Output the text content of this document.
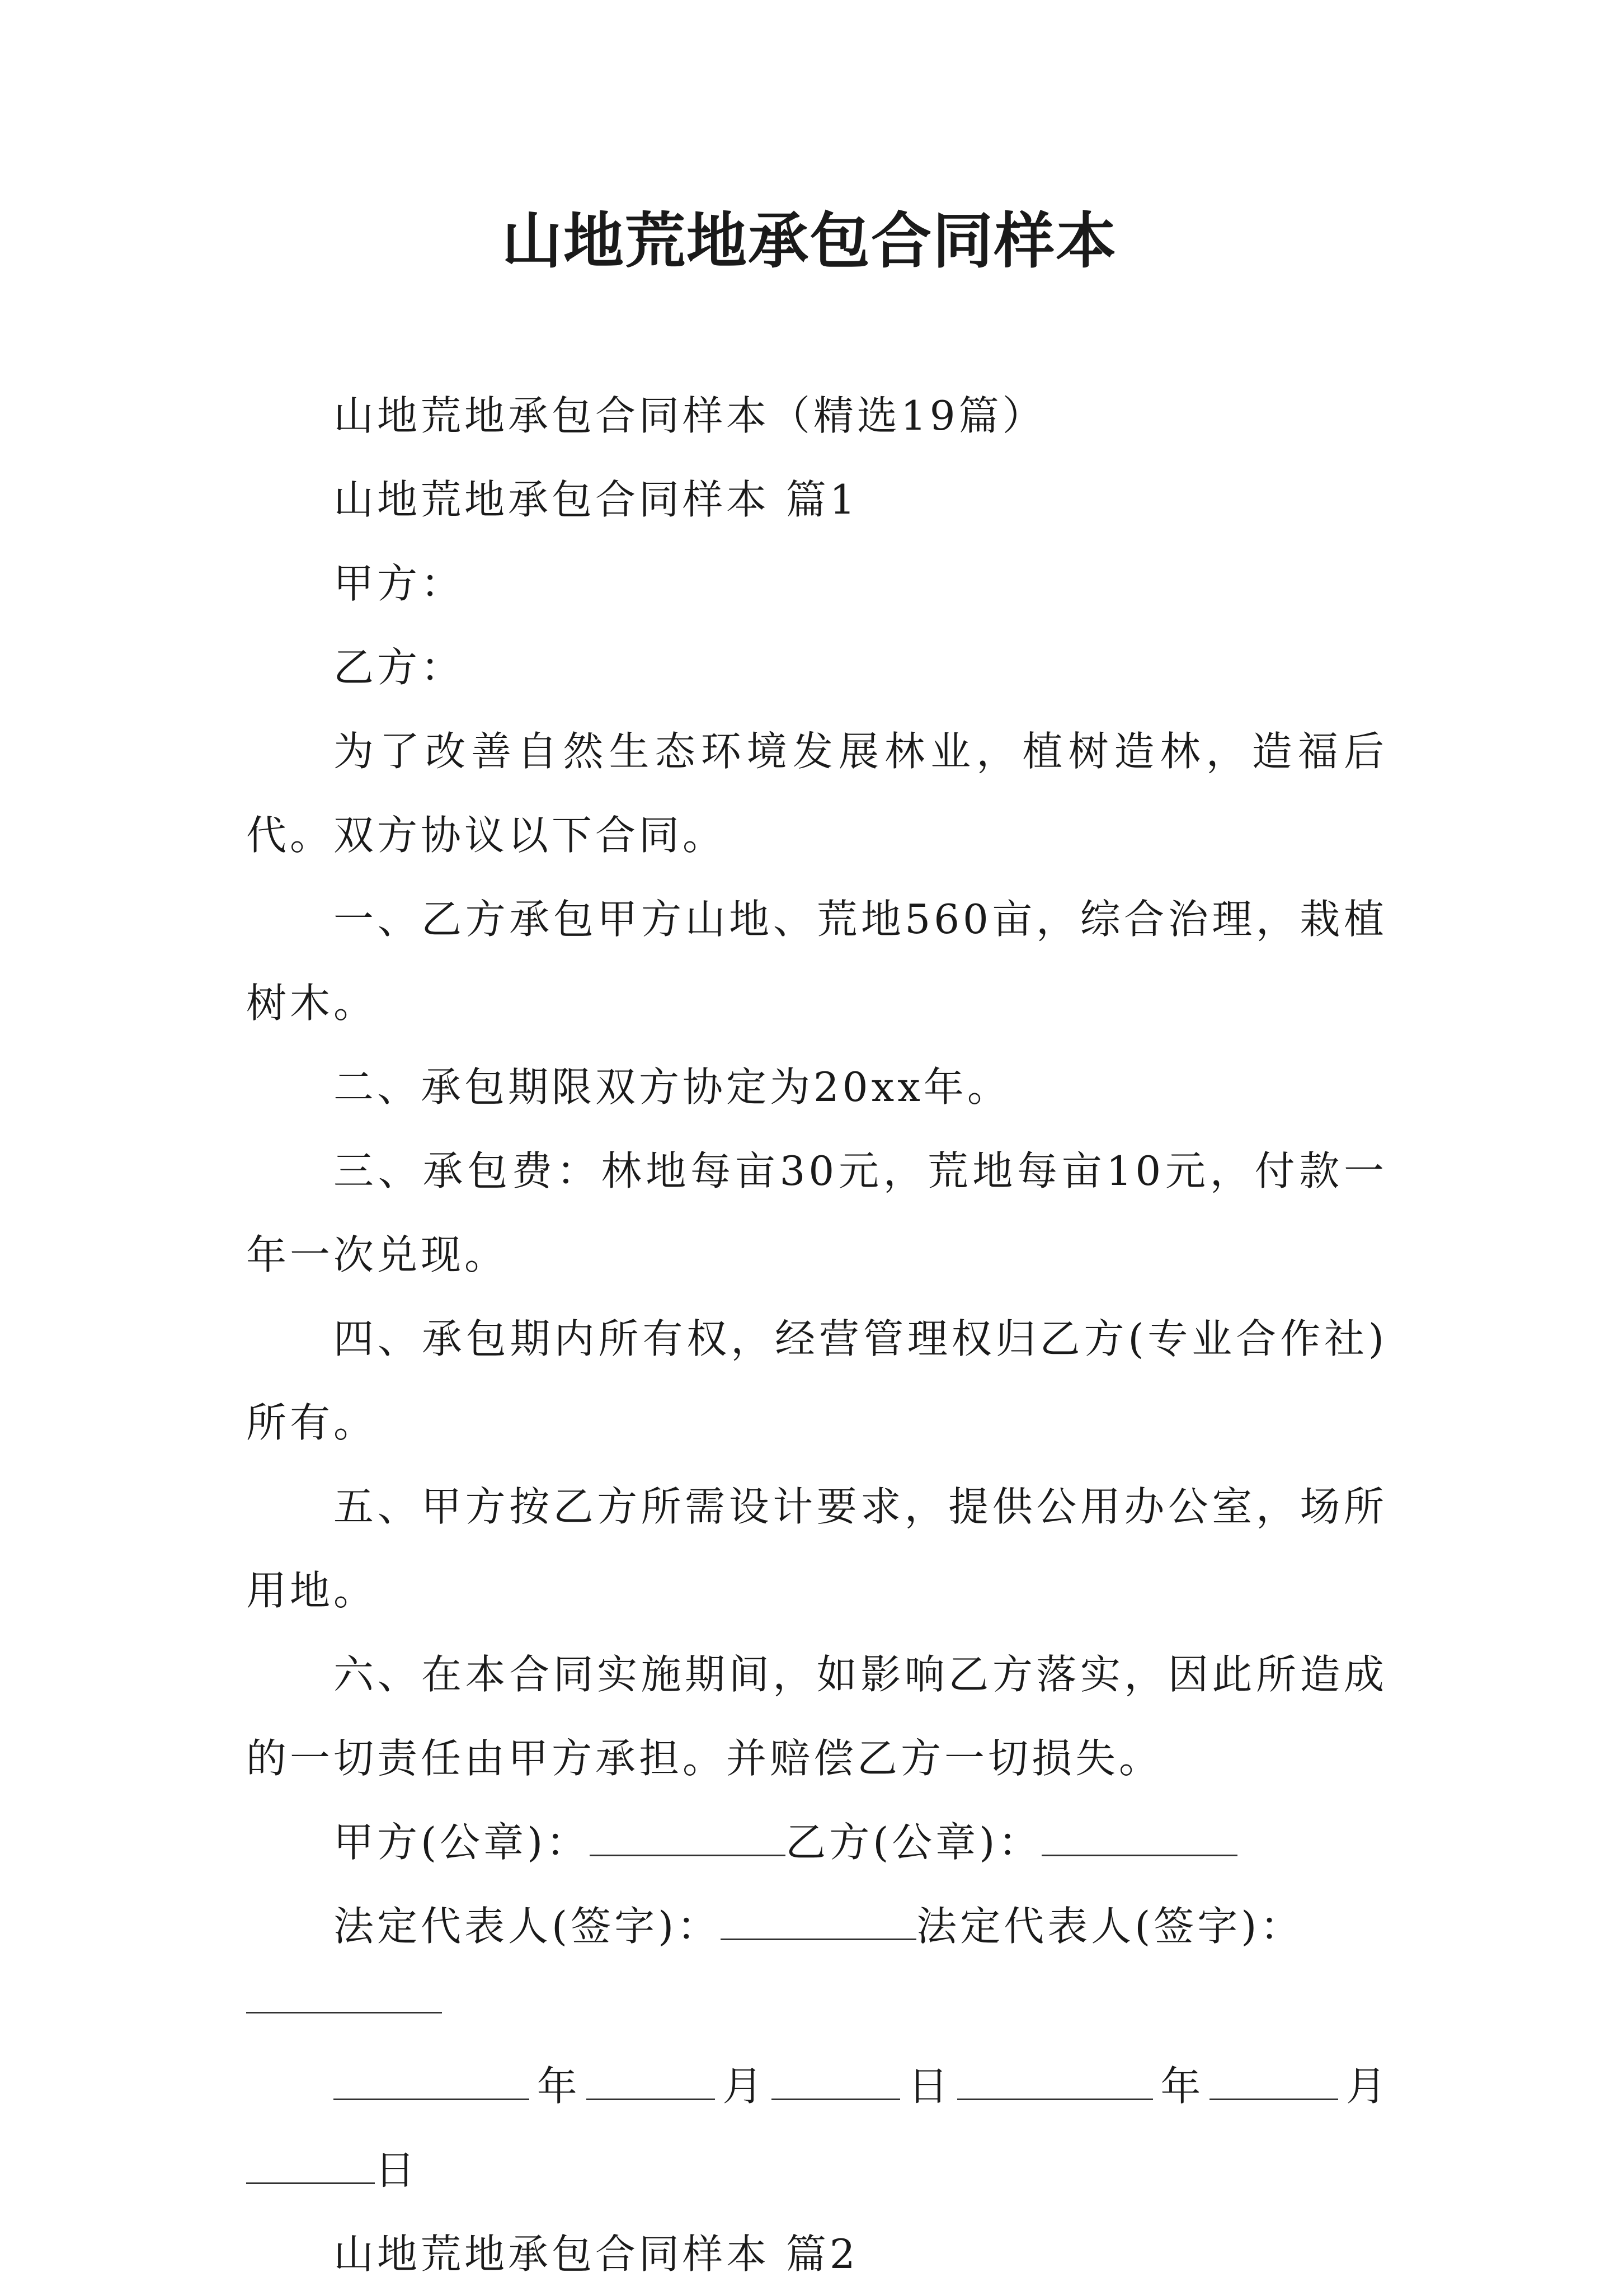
山地荒地承包合同样本

山地荒地承包合同样本（精选19篇）

山地荒地承包合同样本 篇1

甲方：

乙方：

为了改善自然生态环境发展林业，植树造林，造福后代。双方协议以下合同。

一、乙方承包甲方山地、荒地560亩，综合治理，栽植树木。

二、承包期限双方协定为20xx年。

三、承包费：林地每亩30元，荒地每亩10元，付款一年一次兑现。

四、承包期内所有权，经营管理权归乙方(专业合作社)所有。

五、甲方按乙方所需设计要求，提供公用办公室，场所用地。

六、在本合同实施期间，如影响乙方落实，因此所造成的一切责任由甲方承担。并赔偿乙方一切损失。

甲方(公章)：	乙方(公章)：

法定代表人(签字)：	法定代表人(签字)：

年	月	日	年	月日

山地荒地承包合同样本 篇2
